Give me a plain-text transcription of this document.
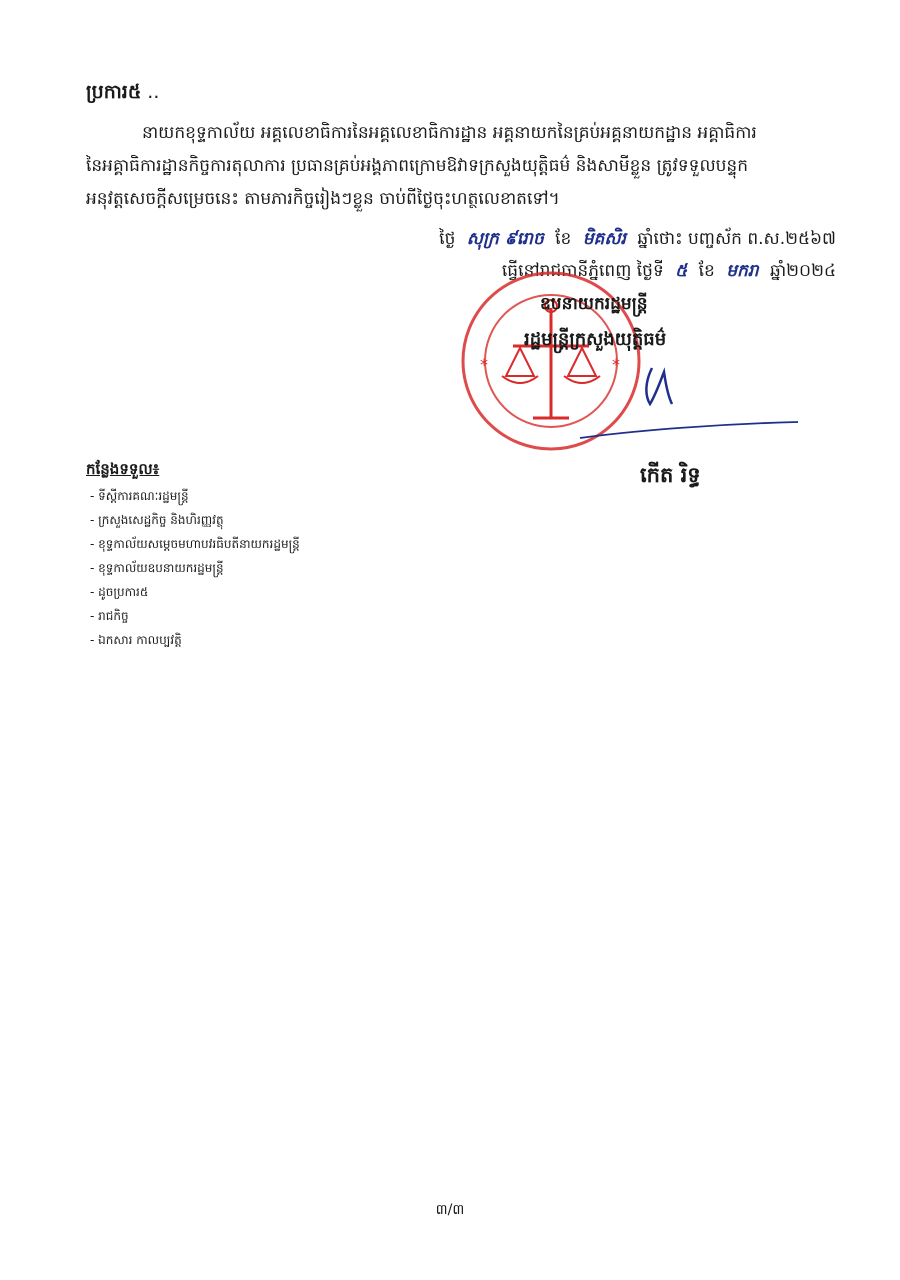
ប្រការ៥ ..
នាយកខុទ្ទកាល័យ អគ្គលេខាធិការនៃអគ្គលេខាធិការដ្ឋាន អគ្គនាយកនៃគ្រប់អគ្គនាយកដ្ឋាន អគ្គាធិការ
នៃអគ្គាធិការដ្ឋានកិច្ចការតុលាការ ប្រធានគ្រប់អង្គភាពក្រោមឱវាទក្រសួងយុត្តិធម៌ និងសាមីខ្លួន ត្រូវទទួលបន្ទុក
អនុវត្តសេចក្តីសម្រេចនេះ តាមភារកិច្ចរៀងៗខ្លួន ចាប់ពីថ្ងៃចុះហត្ថលេខាតទៅ។
ថ្ងៃ សុក្រ ៩រោច ខែ មិគសិរ ឆ្នាំថោះ បញ្ចស័ក ព.ស.២៥៦៧
ធ្វើនៅរាជធានីភ្នំពេញ ថ្ងៃទី ៥ ខែ មករា ឆ្នាំ២០២៤
*	*
ឧបនាយករដ្ឋមន្ត្រី
រដ្ឋមន្ត្រីក្រសួងយុត្តិធម៌
កើត រិទ្ធ
កន្លែងទទួល៖
- ទីស្តីការគណៈរដ្ឋមន្ត្រី
- ក្រសួងសេដ្ឋកិច្ច និងហិរញ្ញវត្ថុ
- ខុទ្ទកាល័យសម្តេចមហាបវរធិបតីនាយករដ្ឋមន្ត្រី
- ខុទ្ទកាល័យឧបនាយករដ្ឋមន្ត្រី
- ដូចប្រការ៥
- រាជកិច្ច
- ឯកសារ កាលប្បវត្តិ
៣/៣
